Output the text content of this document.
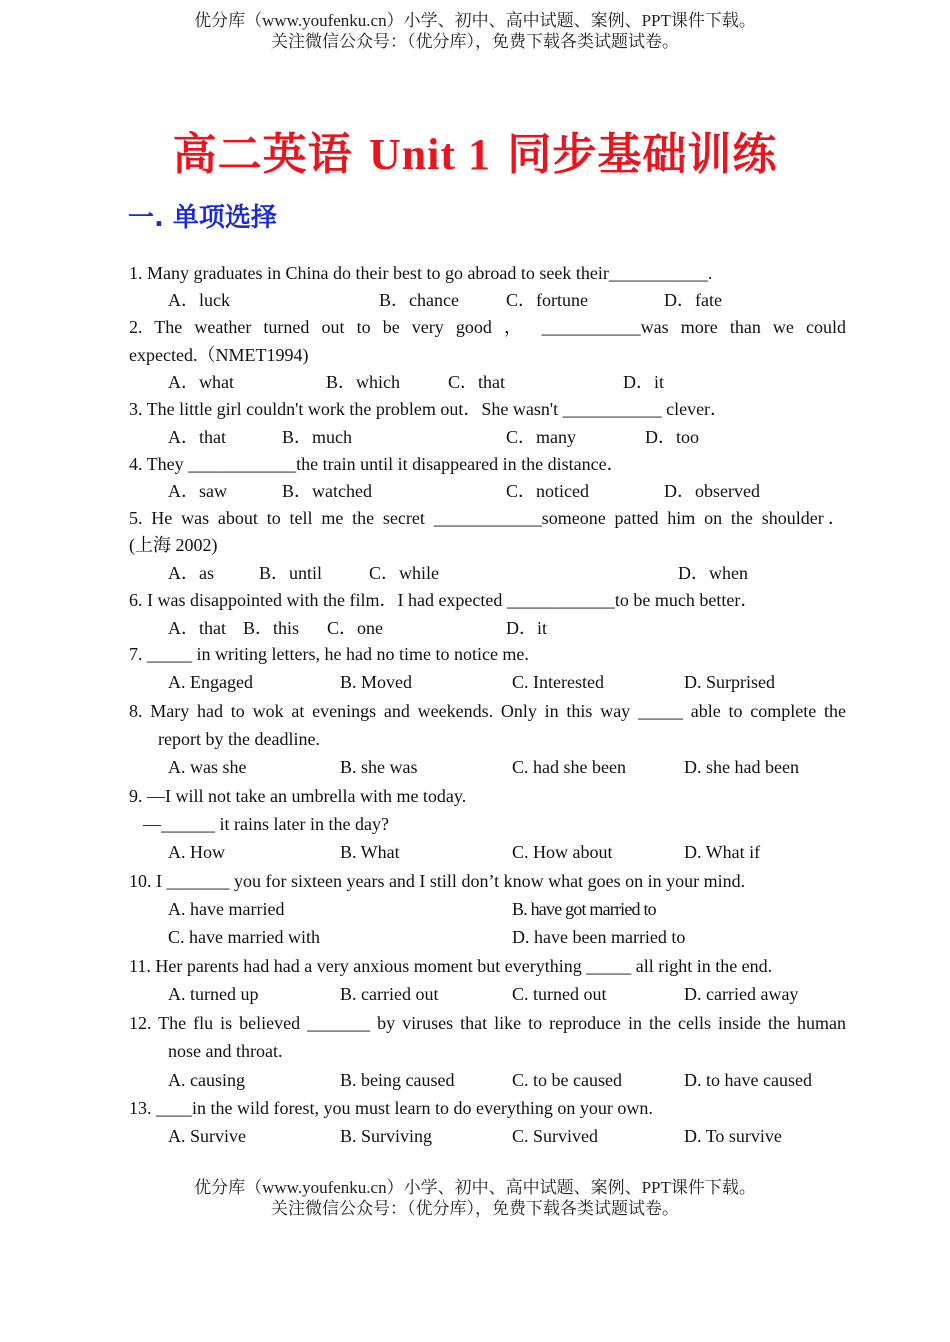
优分库（www.youfenku.cn）小学、初中、高中试题、案例、PPT课件下载。
关注微信公众号：（优分库），免费下载各类试题试卷。
高二英语 Unit 1 同步基础训练
一. 单项选择
1. Many graduates in China do their best to go abroad to seek their___________.
A．luck	B．chance	C．fortune	D．fate
2. The weather turned out to be very good ， ___________was more than we could
expected.（NMET1994)
A．what	B．which	C．that	D．it
3. The little girl couldn't work the problem out．She wasn't ___________ clever．
A．that	B．much	C．many	D．too
4. They ____________the train until it disappeared in the distance．
A．saw	B．watched	C．noticed	D．observed
5. He was about to tell me the secret ____________someone patted him on the shoulder．
(上海 2002)
A．as	B．until	C．while	D．when
6. I was disappointed with the film．I had expected ____________to be much better．
A．that B．this C．one	D．it
7. _____ in writing letters, he had no time to notice me.
A. Engaged	B. Moved	C. Interested	D. Surprised
8. Mary had to wok at evenings and weekends. Only in this way _____ able to complete the
report by the deadline.
A. was she	B. she was	C. had she been	D. she had been
9. —I will not take an umbrella with me today.
—______ it rains later in the day?
A. How	B. What	C. How about	D. What if
10. I _______ you for sixteen years and I still don’t know what goes on in your mind.
A. have married	B. have got married to
C. have married with	D. have been married to
11. Her parents had had a very anxious moment but everything _____ all right in the end.
A. turned up	B. carried out	C. turned out	D. carried away
12. The flu is believed _______ by viruses that like to reproduce in the cells inside the human
nose and throat.
A. causing	B. being caused	C. to be caused	D. to have caused
13. ____in the wild forest, you must learn to do everything on your own.
A. Survive	B. Surviving	C. Survived	D. To survive
优分库（www.youfenku.cn）小学、初中、高中试题、案例、PPT课件下载。
关注微信公众号：（优分库），免费下载各类试题试卷。
